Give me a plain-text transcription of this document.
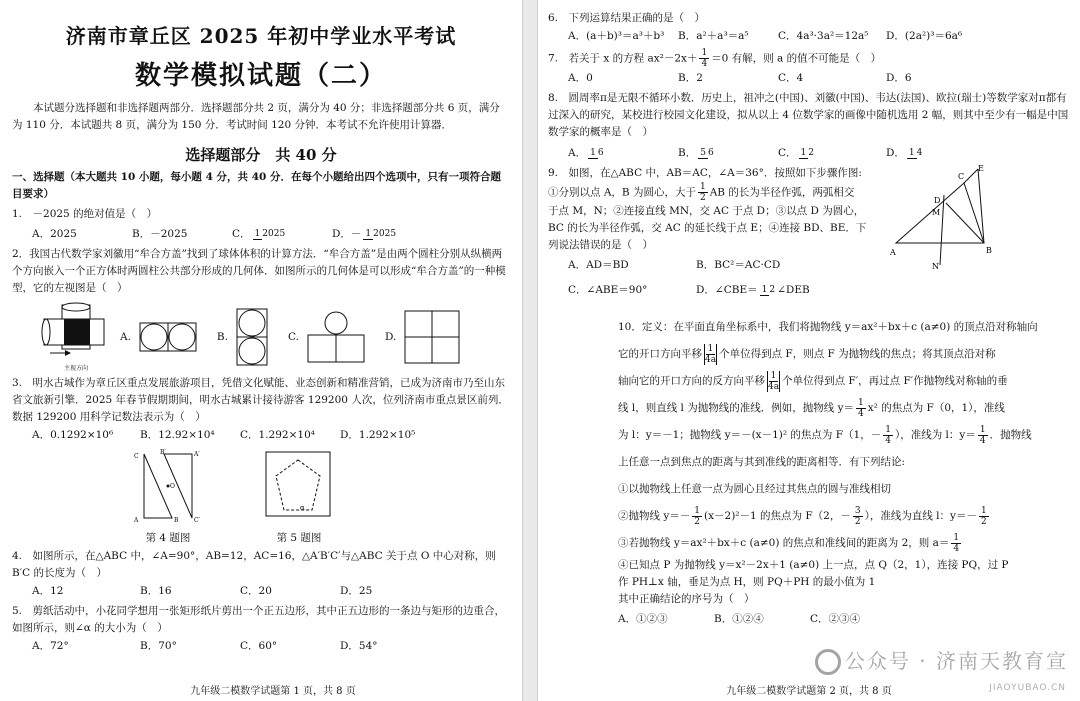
济南市章丘区 2025 年初中学业水平考试
数学模拟试题（二）
本试题分选择题和非选择题两部分．选择题部分共 2 页，满分为 40 分；非选择题部分共 6 页，满分为 110 分．本试题共 8 页，满分为 150 分．考试时间 120 分钟．本考试不允许使用计算器．
选择题部分　共 40 分
一、选择题（本大题共 10 小题，每小题 4 分，共 40 分．在每个小题给出四个选项中，只有一项符合题目要求）
1.　－2025 的绝对值是（　）
A．2025	B．－2025	C． 1 2025	D．－ 1 2025
2．我国古代数学家刘徽用“牟合方盖”找到了球体体积的计算方法．“牟合方盖”是由两个圆柱分别从纵横两个方向嵌入一个正方体时两圆柱公共部分形成的几何体．如图所示的几何体是可以形成“牟合方盖”的一种模型，它的左视图是（　）
主视方向
A.	B.	C.	D.
3.　明水古城作为章丘区重点发展旅游项目，凭借文化赋能、业态创新和精准营销，已成为济南市乃至山东省文旅新引擎．2025 年春节假期期间，明水古城累计接待游客 129200 人次，位列济南市重点景区前列．数据 129200 用科学记数法表示为（　）
A．0.1292×10⁶	B．12.92×10⁴	C．1.292×10⁴	D．1.292×10⁵
C
A	B
B′	A′
C′
O
第 4 题图
α
第 5 题图
4.　如图所示，在△ABC 中，∠A=90°，AB=12，AC=16，△A′B′C′与△ABC 关于点 O 中心对称，则 B′C 的长度为（　）
A．12	B．16	C．20	D．25
5.　剪纸活动中，小花同学想用一张矩形纸片剪出一个正五边形，其中正五边形的一条边与矩形的边重合，如图所示，则∠α 的大小为（　）
A．72°	B．70°	C．60°	D．54°
九年级二模数学试题第 1 页，共 8 页
6.　下列运算结果正确的是（　）
A．(a＋b)³＝a³＋b³	B．a²＋a³＝a⁵	C．4a³·3a²＝12a⁵	D．(2a²)³＝6a⁶
7.　若关于 x 的方程 $ax^2-2x+ \frac{1}{4} =0$ 有解，则 a 的值不可能是（　）
A．0	B．2	C．4	D．6
8.　圆周率π是无限不循环小数．历史上，祖冲之(中国)、刘徽(中国)、韦达(法国)、欧拉(瑞士)等数学家对π都有过深入的研究，某校进行校园文化建设，拟从以上 4 位数学家的画像中随机选用 2 幅，则其中至少有一幅是中国数学家的概率是（　）
A． 1 6	B． 5 6	C． 1 2	D． 1 4
9.　如图，在△ABC 中，AB＝AC，∠A＝36°．按照如下步骤作图:
①分别以点 A，B 为圆心，大于 $\frac{1}{2}$ AB 的长为半径作弧，两弧相交
于点 M，N；②连接直线 MN，交 AC 于点 D；③以点 D 为圆心，
BC 的长为半径作弧，交 AC 的延长线于点 E；④连接 BD、BE．下
列说法错误的是（　）
E
C
D
M
A	B
N
A．AD＝BD	B．BC²＝AC·CD
C．∠ABE＝90°	D．∠CBE＝ 1 2 ∠DEB
10．定义：在平面直角坐标系中，我们将抛物线 y＝ax²＋bx＋c (a≠0) 的顶点沿对称轴向
它的开口方向平移 $\frac{1}{4a}$ 个单位得到点 F，则点 F 为抛物线的焦点；将其顶点沿对称
轴向它的开口方向的反方向平移 $\frac{1}{4a}$ 个单位得到点 F′，再过点 F′作抛物线对称轴的垂
线 l，则直线 l 为抛物线的准线．例如，抛物线 $y= \frac{1}{4} x^2$ 的焦点为 F（0，1），准线
为 l：y＝－1；抛物线 y＝－(x－1)² 的焦点为 F（1，－ $\frac{1}{4}$ ），准线为 l：$y= \frac{1}{4}$ ．抛物线
上任意一点到焦点的距离与其到准线的距离相等．有下列结论:
①以抛物线上任意一点为圆心且经过其焦点的圆与准线相切
②抛物线 $y=- \frac{1}{2} (x-2)^2-1$ 的焦点为 F（2，－ $\frac{3}{2}$ ），准线为直线 l：$y=- \frac{1}{2}$
③若抛物线 y＝ax²＋bx＋c (a≠0) 的焦点和准线间的距离为 2，则 $a= \frac{1}{4}$
④已知点 P 为抛物线 y＝x²－2x＋1 (a≠0) 上一点，点 Q（2，1），连接 PQ，过 P
作 PH⊥x 轴，垂足为点 H，则 PQ＋PH 的最小值为 1
其中正确结论的序号为（　）
A．①②③	B．①②④	C．②③④
九年级二模数学试题第 2 页，共 8 页
公众号 · 济南天教育宣
JIAOYUBAO.CN
